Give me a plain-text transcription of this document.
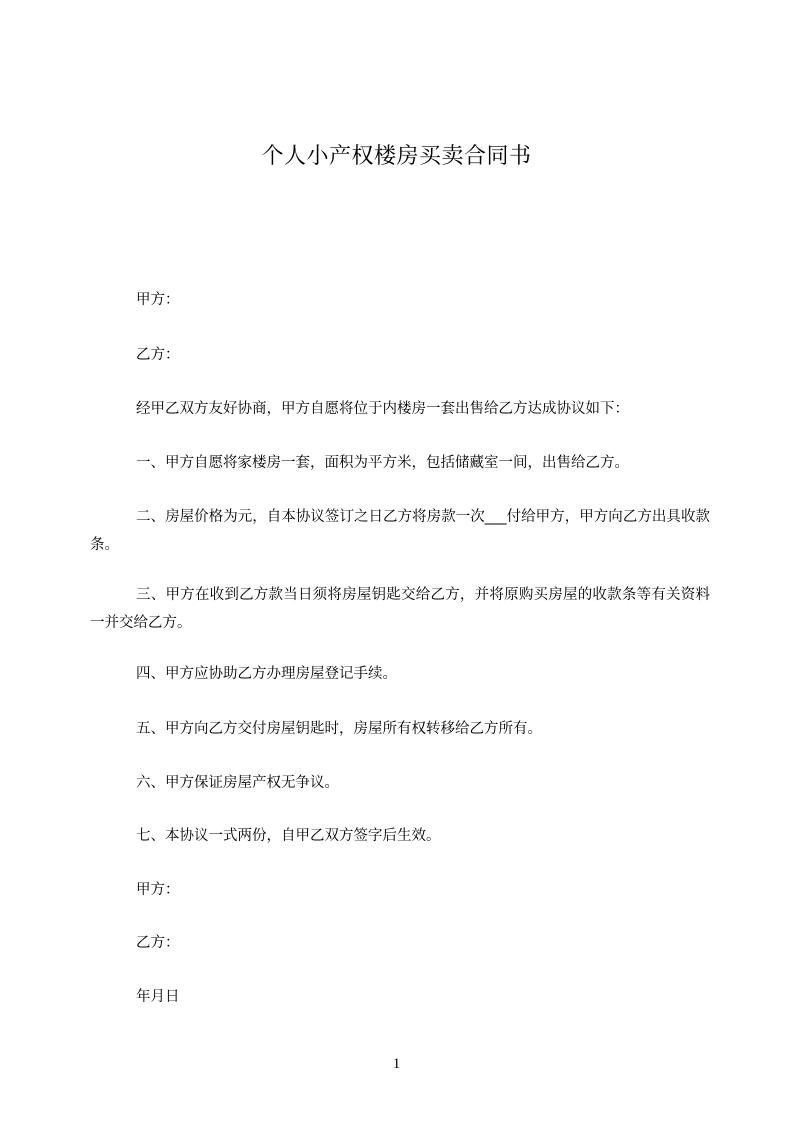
个人小产权楼房买卖合同书

甲方：

乙方：

经甲乙双方友好协商，甲方自愿将位于内楼房一套出售给乙方达成协议如下：

一、甲方自愿将家楼房一套，面积为平方米，包括储藏室一间，出售给乙方。

二、房屋价格为元，自本协议签订之日乙方将房款一次___付给甲方，甲方向乙方出具收款条。

三、甲方在收到乙方款当日须将房屋钥匙交给乙方，并将原购买房屋的收款条等有关资料一并交给乙方。

四、甲方应协助乙方办理房屋登记手续。

五、甲方向乙方交付房屋钥匙时，房屋所有权转移给乙方所有。

六、甲方保证房屋产权无争议。

七、本协议一式两份，自甲乙双方签字后生效。

甲方：

乙方：

年月日

1
